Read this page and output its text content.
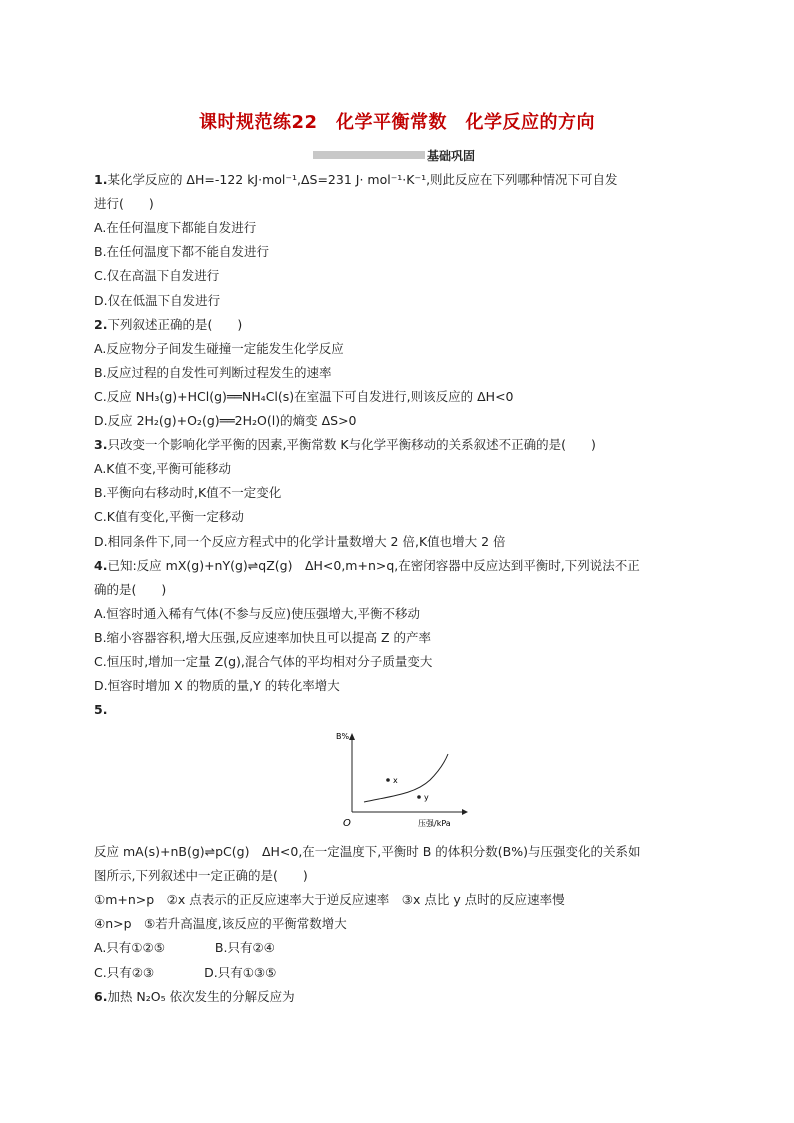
课时规范练22　化学平衡常数　化学反应的方向
基础巩固
1.某化学反应的 ΔH=-122 kJ·mol⁻¹,ΔS=231 J· mol⁻¹·K⁻¹,则此反应在下列哪种情况下可自发
进行(　　)
A.在任何温度下都能自发进行
B.在任何温度下都不能自发进行
C.仅在高温下自发进行
D.仅在低温下自发进行
2.下列叙述正确的是(　　)
A.反应物分子间发生碰撞一定能发生化学反应
B.反应过程的自发性可判断过程发生的速率
C.反应 NH₃(g)+HCl(g)══NH₄Cl(s)在室温下可自发进行,则该反应的 ΔH<0
D.反应 2H₂(g)+O₂(g)══2H₂O(l)的熵变 ΔS>0
3.只改变一个影响化学平衡的因素,平衡常数 K与化学平衡移动的关系叙述不正确的是(　　)
A.K值不变,平衡可能移动
B.平衡向右移动时,K值不一定变化
C.K值有变化,平衡一定移动
D.相同条件下,同一个反应方程式中的化学计量数增大 2 倍,K值也增大 2 倍
4.已知:反应 mX(g)+nY(g)⇌qZ(g)　ΔH<0,m+n>q,在密闭容器中反应达到平衡时,下列说法不正
确的是(　　)
A.恒容时通入稀有气体(不参与反应)使压强增大,平衡不移动
B.缩小容器容积,增大压强,反应速率加快且可以提高 Z 的产率
C.恒压时,增加一定量 Z(g),混合气体的平均相对分子质量变大
D.恒容时增加 X 的物质的量,Y 的转化率增大
5.
B%
压强/kPa
O
x
y
反应 mA(s)+nB(g)⇌pC(g)　ΔH<0,在一定温度下,平衡时 B 的体积分数(B%)与压强变化的关系如
图所示,下列叙述中一定正确的是(　　)
①m+n>p　②x 点表示的正反应速率大于逆反应速率　③x 点比 y 点时的反应速率慢
④n>p　⑤若升高温度,该反应的平衡常数增大
A.只有①②⑤　　　　B.只有②④
C.只有②③　　　　D.只有①③⑤
6.加热 N₂O₅ 依次发生的分解反应为
